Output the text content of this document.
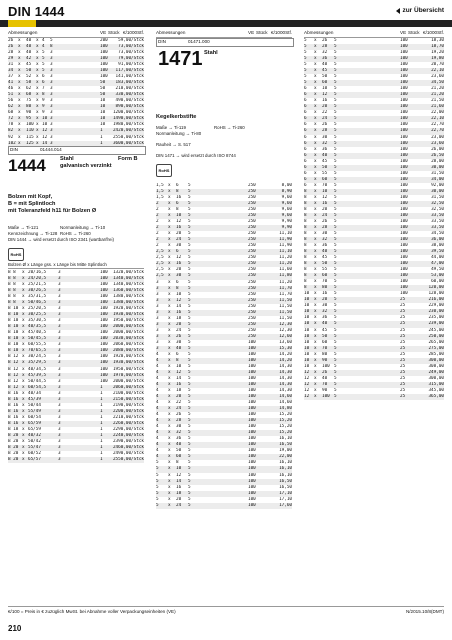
DIN 1444	zur Übersicht
Abmessungen	VE Stück €/1000Stf.
26	x	40	x 4	5	200	59,00/Stck
26	x	40	x 4	8	100	73,00/Stck
28	x	40	x 5	3	100	73,00/Stck
29	x	42	x 5	3	100	79,00/Stck
31	x	45	x 5	3	100	91,00/Stck
34	x	50	x 5	3	100	117,00/Stck
37	x	52	x 6	3	100	141,00/Stck
41	x	58	x 6	3	50	183,00/Stck
46	x	62	x 7	3	50	210,00/Stck
51	x	68	x 8	3	50	330,00/Stck
56	x	75	x 9	3	10	490,00/Stck
62	x	80	x 9	3	10	890,00/Stck
68	x	90	x 9	3	10	1200,00/Stck
72	x	95	x 10 3	10	1490,00/Stck
78	x	100 x 10 3	10	1980,00/Stck
82	x	110 x 12 3	1	2420,00/Stck
92	x	115 x 12 3	1	2550,00/Stck
102 x	125 x 14 3	1	3600,00/Stck
DIN	01444.014
1444	Stahl	Form B
galvanisch verzinkt
Bolzen mit Kopf,
B = mit Splintloch
mit Toleranzfeld h11 für Bolzen Ø
Maße → Ti-121	Normanleitung → Ti-10
Kennzeichnung → Ti-128 RoHS → Ti-260
DIN 1444 → wird ersetzt durch ISO 2341 (wartbar/frei)
RoHS
Bolzen Ø x Länge gss. x Länge bis Mitte Splintloch
B 8	x 20/16,5	3	100	1320,00/Stck
B 8	x 24/20,5	3	100	1340,00/Stck
B 8	x 25/21,5	3	100	1340,00/Stck
B 8	x 30/26,5	3	100	1360,00/Stck
B 8	x 35/31,5	3	100	1380,00/Stck
B 8	x 50/46,5	3	100	1380,00/Stck
B 10 x 25/20,5	3	100	1920,00/Stck
B 10 x 30/25,5	3	100	1930,00/Stck
B 10 x 35/30,5	3	100	1950,00/Stck
B 10 x 40/35,5	3	100	2000,00/Stck
B 10 x 45/40,5	3	100	2000,00/Stck
B 10 x 50/45,5	3	100	2030,00/Stck
B 10 x 60/55,5	3	100	2060,00/Stck
B 10 x 70/65,5	3	100	2080,00/Stck
B 12 x 30/24,5	3	100	1920,00/Stck
B 12 x 35/29,5	3	100	1930,00/Stck
B 12 x 40/34,5	3	100	1950,00/Stck
B 12 x 45/39,5	3	100	1970,00/Stck
B 12 x 50/44,5	3	100	2000,00/Stck
B 12 x 60/54,5	3	1	2060,00/Stck
B 16 x 40/34	3	1	2100,00/Stck
B 16 x 45/39	3	1	2150,00/Stck
B 16 x 50/44	3	1	2190,00/Stck
B 16 x 55/49	3	1	2200,00/Stck
B 16 x 60/54	3	1	2210,00/Stck
B 16 x 65/59	3	1	2260,00/Stck
B 18 x 65/59	3	1	2290,00/Stck
B 20 x 40/32	3	1	2240,00/Stck
B 20 x 50/42	3	1	2390,00/Stck
B 20 x 55/47	3	1	2460,00/Stck
B 20 x 60/52	3	1	2490,00/Stck
B 20 x 65/57	3	1	2550,00/Stck
Abmessungen	VE Stück €/1000Stf.
DIN	01471.000
1471 Stahl
Kegelkerbstifte
Maße → Ti-119	RoHS → Ti-260
Normanleitung → Ti-80
Rauheit → S. 517
DIN 1471 → wird ersetzt durch ISO 8744
RoHS
1,5 x	6	5	250	8,00
1,5 x	8	5	250	8,90
1,5 x	16	5	250	9,60
2	x	6	5	250	9,60
2	x	8	5	250	9,60
2	x	10	5	250	9,60
2	x	12	5	250	9,90
2	x	16	5	250	9,90
2	x	20	5	250	11,10
2	x	24	5	250	11,90
2	x	30	5	250	11,90
2,5 x	6	5	250	11,10
2,5 x	12	5	250	11,20
2,5 x	16	5	250	11,20
2,5 x	20	5	250	11,60
2,5 x	30	5	250	11,80
3	x	6	5	250	11,20
3	x	8	5	250	11,70
3	x	10	5	250	11,70
3	x	12	5	250	11,50
3	x	14	5	250	11,50
3	x	16	5	250	11,50
3	x	18	5	250	11,50
3	x	20	5	250	12,30
3	x	24	5	250	12,30
3	x	26	5	250	12,60
3	x	30	5	100	13,60
3	x	40	5	100	15,30
4	x	6	5	100	14,20
4	x	8	5	100	14,20
4	x	10	5	100	14,30
4	x	12	5	100	14,30
4	x	14	5	100	14,30
4	x	16	5	100	14,30
4	x	18	5	100	14,30
4	x	20	5	100	14,60
4	x	22	5	100	14,60
4	x	24	5	100	14,80
4	x	26	5	100	15,20
4	x	28	5	100	15,20
4	x	30	5	100	15,20
4	x	32	5	100	15,20
4	x	36	5	100	16,10
4	x	40	5	100	16,50
4	x	50	5	100	19,00
4	x	60	5	100	22,00
5	x	8	5	100	16,10
5	x	10	5	100	16,10
5	x	12	5	100	16,10
5	x	14	5	100	16,50
5	x	16	5	100	16,50
5	x	18	5	100	17,10
5	x	20	5	100	17,10
5	x	24	5	100	17,60
Abmessungen	VE Stück €/1000Stf.
5	x	26	5	100	18,30
5	x	28	5	100	18,70
5	x	32	5	100	19,20
5	x	36	5	100	19,80
5	x	40	5	100	20,70
5	x	45	5	100	22,10
5	x	50	5	100	23,60
5	x	60	5	100	34,50
6	x	10	5	100	21,20
6	x	12	5	100	21,20
6	x	16	5	100	21,50
6	x	20	5	100	21,60
6	x	22	5	100	22,00
6	x	24	5	100	22,10
6	x	26	5	100	22,70
6	x	28	5	100	22,70
6	x	30	5	100	23,00
6	x	32	5	100	23,60
6	x	36	5	100	26,00
6	x	40	5	100	26,50
6	x	45	5	100	28,00
6	x	50	5	100	30,00
6	x	55	5	100	31,50
6	x	60	5	100	34,00
6	x	70	5	100	92,00
8	x	10	5	100	30,00
8	x	12	5	100	31,50
8	x	16	5	100	32,50
8	x	20	5	100	32,50
8	x	24	5	100	33,50
8	x	26	5	100	33,50
8	x	28	5	100	33,50
8	x	30	5	100	34,50
8	x	32	5	100	36,00
8	x	36	5	100	38,00
8	x	40	5	100	39,50
8	x	45	5	100	44,00
8	x	50	5	100	47,00
8	x	55	5	100	49,50
8	x	60	5	100	53,00
8	x	70	5	100	60,00
8	x	80	5	100	120,00
10	x	16	5	100	128,00
10	x	20	5	25	216,00
10	x	30	5	25	229,00
10	x	32	5	25	230,00
10	x	36	5	25	235,00
10	x	40	5	25	239,00
10	x	45	5	25	245,00
10	x	50	5	25	250,00
10	x	60	5	25	265,00
10	x	70	5	25	275,00
10	x	80	5	25	285,00
10	x	90	5	25	300,00
10	x	100 5	25	308,00
12	x	26	5	25	249,00
12	x	40	5	25	300,00
12	x	70	5	25	315,00
12	x	90	5	25	345,00
12	x	100 5	25	365,00
€/100 = Preis in € zuzüglich MwSt. bei Abnahme voller Verpackungseinheiten (VE)	N/2015.10/8(DMT)
210
